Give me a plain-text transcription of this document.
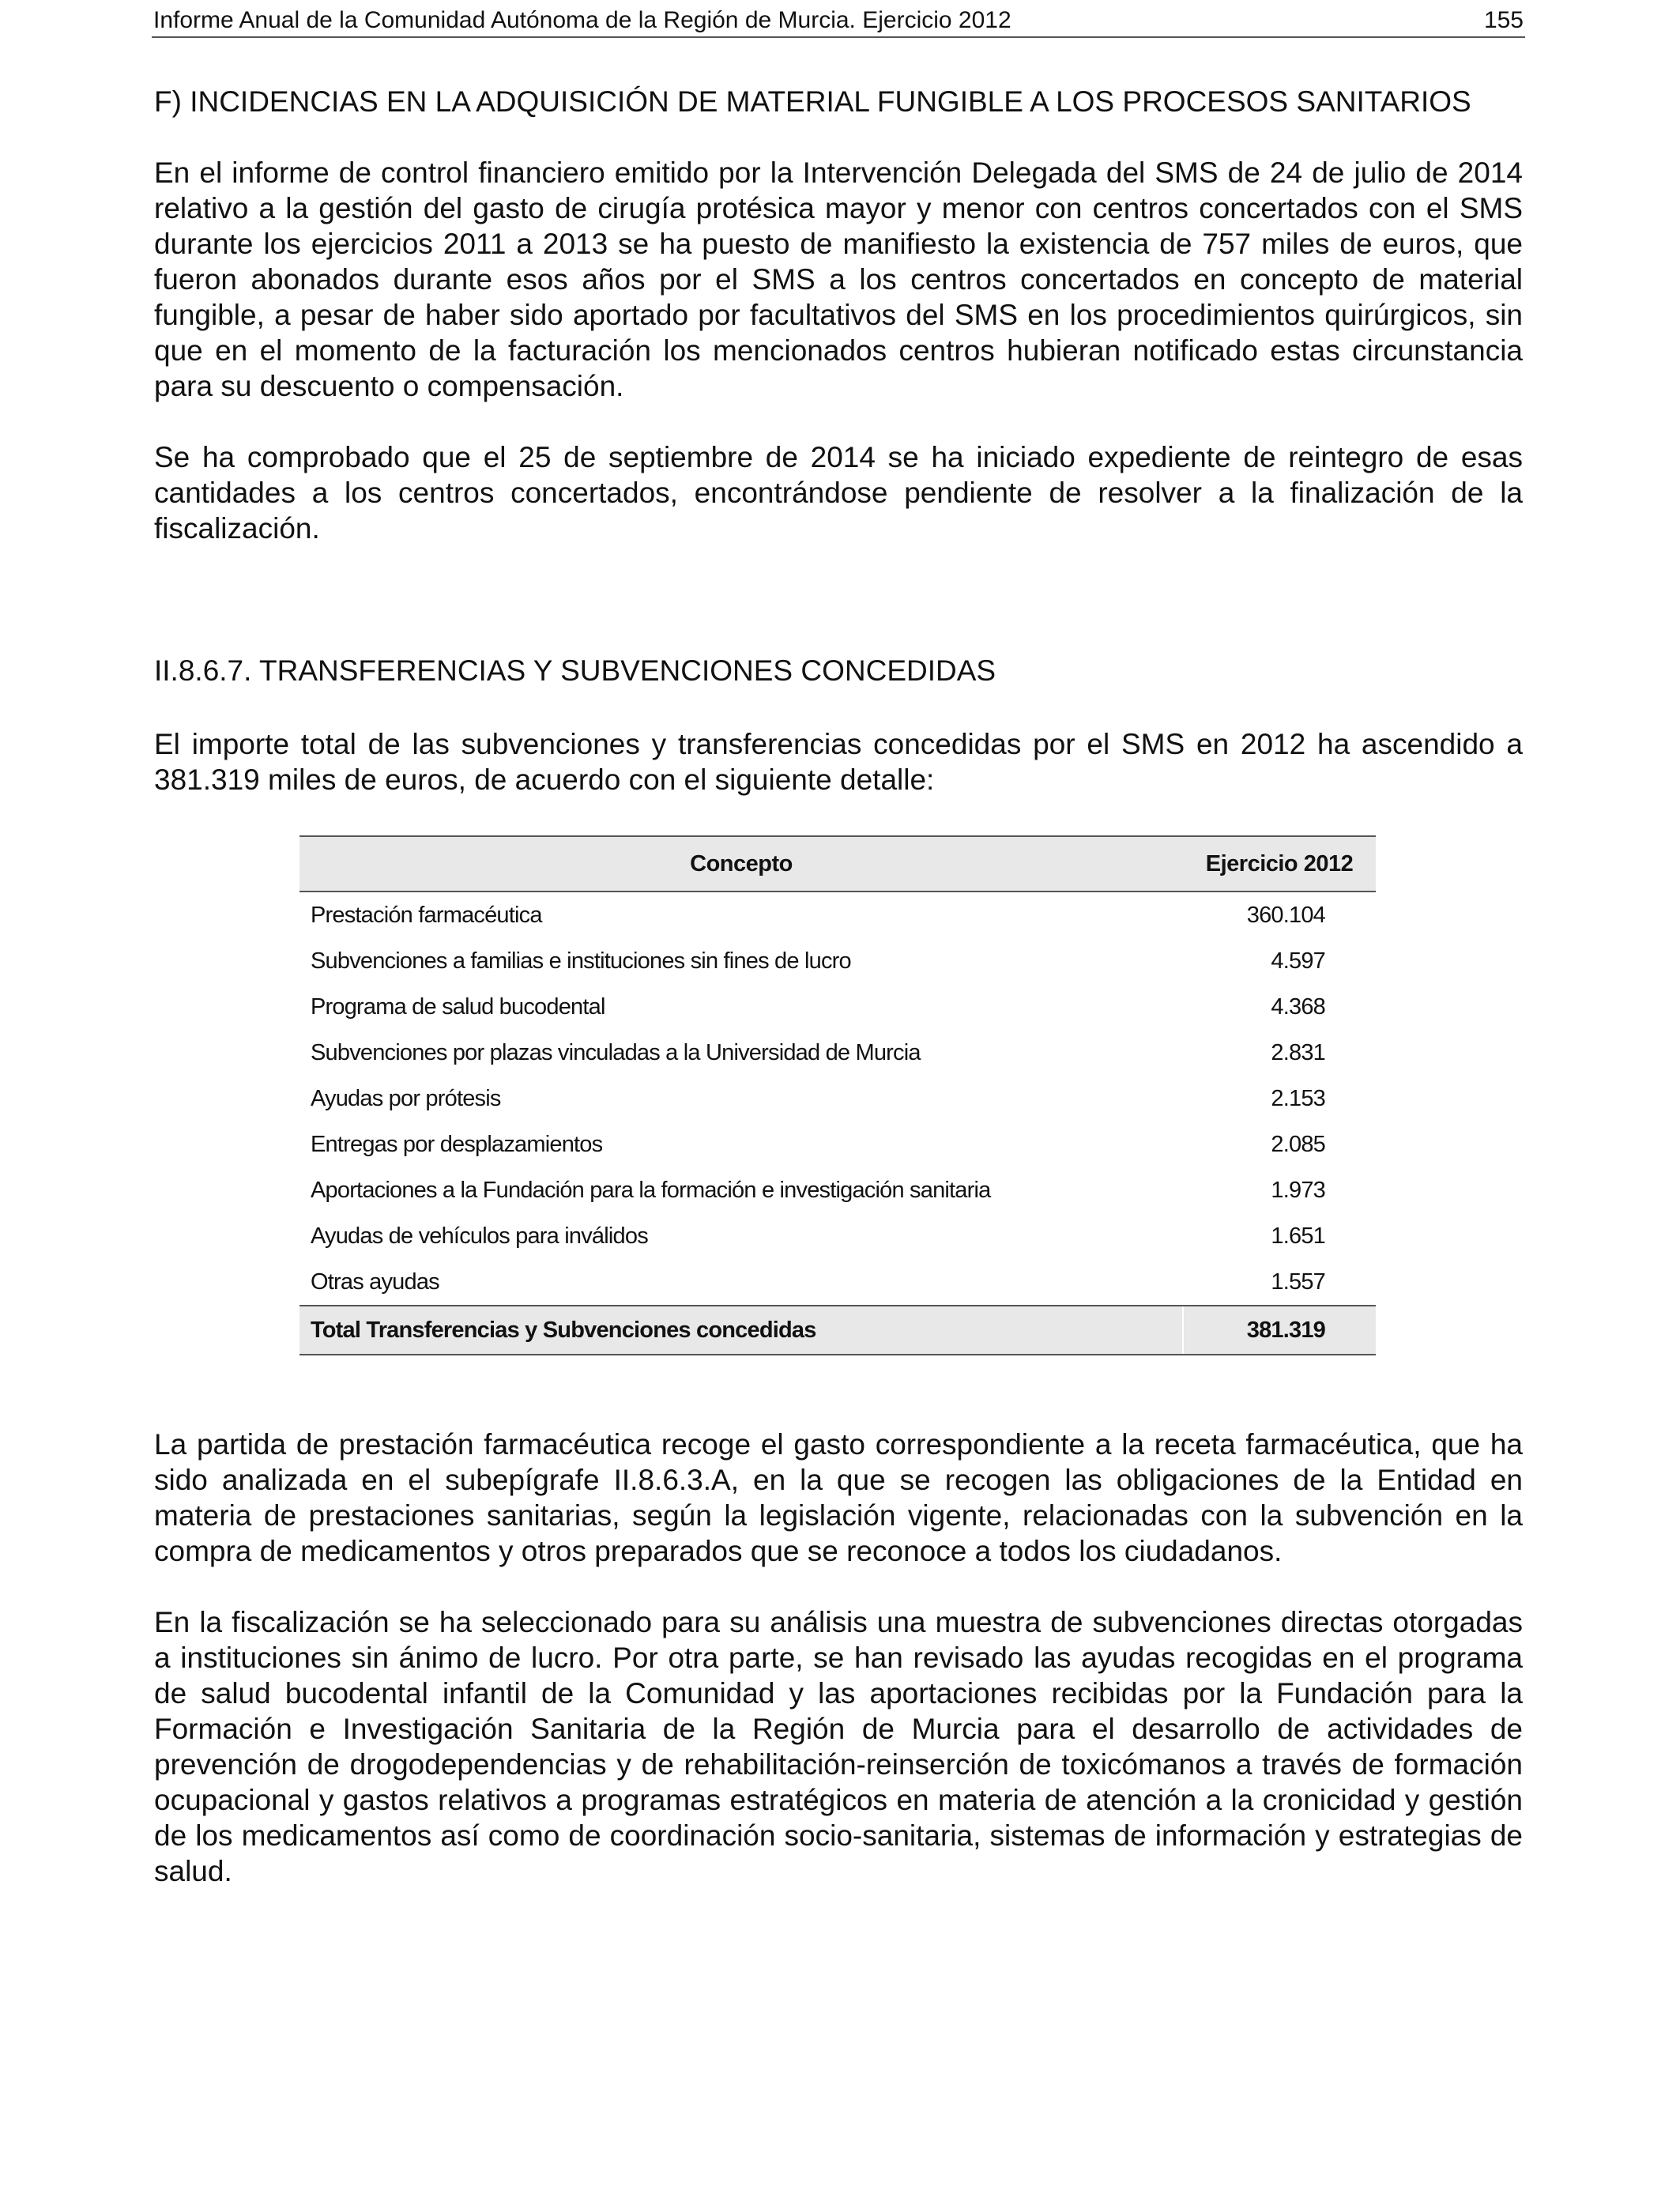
Informe Anual de la Comunidad Autónoma de la Región de Murcia. Ejercicio 2012	155
F) INCIDENCIAS EN LA ADQUISICIÓN DE MATERIAL FUNGIBLE A LOS PROCESOS SANITARIOS

En el informe de control financiero emitido por la Intervención Delegada del SMS de 24 de julio de 2014 relativo a la gestión del gasto de cirugía protésica mayor y menor con centros concertados con el SMS durante los ejercicios 2011 a 2013 se ha puesto de manifiesto la existencia de 757 miles de euros, que fueron abonados durante esos años por el SMS a los centros concertados en concepto de material fungible, a pesar de haber sido aportado por facultativos del SMS en los procedimientos quirúrgicos, sin que en el momento de la facturación los mencionados centros hubieran notificado estas circunstancia para su descuento o compensación.

Se ha comprobado que el 25 de septiembre de 2014 se ha iniciado expediente de reintegro de esas cantidades a los centros concertados, encontrándose pendiente de resolver a la finalización de la fiscalización.

II.8.6.7. TRANSFERENCIAS Y SUBVENCIONES CONCEDIDAS

El importe total de las subvenciones y transferencias concedidas por el SMS en 2012 ha ascendido a 381.319 miles de euros, de acuerdo con el siguiente detalle:

Concepto	Ejercicio 2012
Prestación farmacéutica	360.104
Subvenciones a familias e instituciones sin fines de lucro	4.597
Programa de salud bucodental	4.368
Subvenciones por plazas vinculadas a la Universidad de Murcia	2.831
Ayudas por prótesis	2.153
Entregas por desplazamientos	2.085
Aportaciones a la Fundación para la formación e investigación sanitaria	1.973
Ayudas de vehículos para inválidos	1.651
Otras ayudas	1.557
Total Transferencias y Subvenciones concedidas	381.319

La partida de prestación farmacéutica recoge el gasto correspondiente a la receta farmacéutica, que ha sido analizada en el subepígrafe II.8.6.3.A, en la que se recogen las obligaciones de la Entidad en materia de prestaciones sanitarias, según la legislación vigente, relacionadas con la subvención en la compra de medicamentos y otros preparados que se reconoce a todos los ciudadanos.

En la fiscalización se ha seleccionado para su análisis una muestra de subvenciones directas otorgadas a instituciones sin ánimo de lucro. Por otra parte, se han revisado las ayudas recogidas en el programa de salud bucodental infantil de la Comunidad y las aportaciones recibidas por la Fundación para la Formación e Investigación Sanitaria de la Región de Murcia para el desarrollo de actividades de prevención de drogodependencias y de rehabilitación-reinserción de toxicómanos a través de formación ocupacional y gastos relativos a programas estratégicos en materia de atención a la cronicidad y gestión de los medicamentos así como de coordinación socio-sanitaria, sistemas de información y estrategias de salud.
